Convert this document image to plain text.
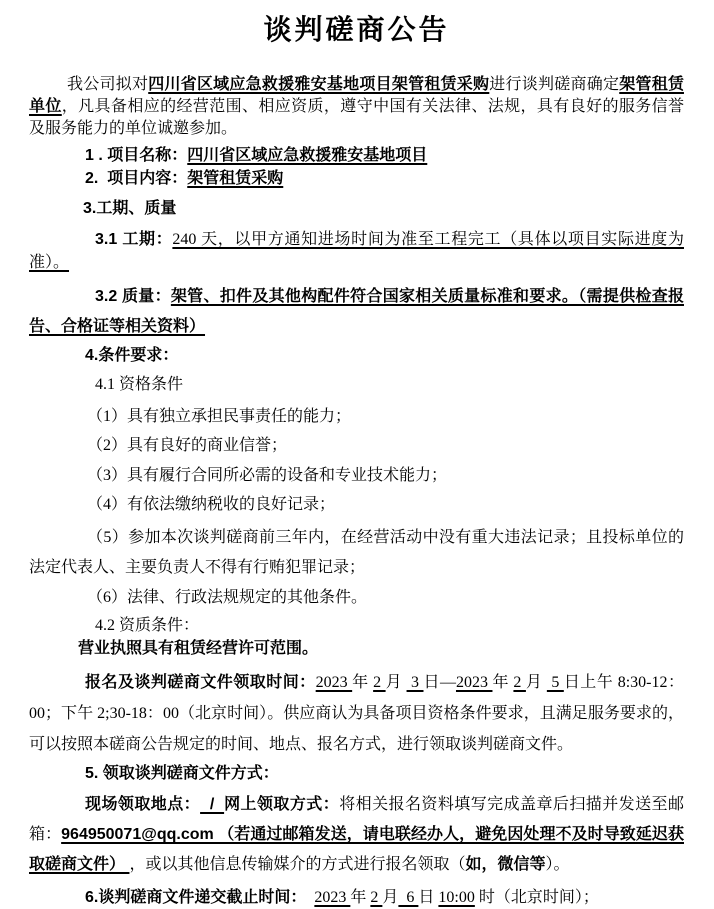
谈判磋商公告

我公司拟对四川省区域应急救援雅安基地项目架管租赁采购进行谈判磋商确定架管租赁单位，凡具备相应的经营范围、相应资质，遵守中国有关法律、法规，具有良好的服务信誉及服务能力的单位诚邀参加。

1 . 项目名称：四川省区域应急救援雅安基地项目

2.  项目内容：架管租赁采购

3.工期、质量

3.1 工期：240 天，以甲方通知进场时间为准至工程完工（具体以项目实际进度为准）。

3.2 质量：架管、扣件及其他构配件符合国家相关质量标准和要求。（需提供检查报告、合格证等相关资料）

4.条件要求：

4.1 资格条件

（1）具有独立承担民事责任的能力；

（2）具有良好的商业信誉；

（3）具有履行合同所必需的设备和专业技术能力；

（4）有依法缴纳税收的良好记录；

（5）参加本次谈判磋商前三年内，在经营活动中没有重大违法记录；且投标单位的法定代表人、主要负责人不得有行贿犯罪记录；

（6）法律、行政法规规定的其他条件。

4.2 资质条件：

营业执照具有租赁经营许可范围。

报名及谈判磋商文件领取时间：2023 年 2 月  3 日—2023 年 2 月  5 日上午 8:30-12：00；下午 2;30-18：00（北京时间）。供应商认为具备项目资格条件要求，且满足服务要求的，可以按照本磋商公告规定的时间、地点、报名方式，进行领取谈判磋商文件。

5. 领取谈判磋商文件方式：

现场领取地点：  /  网上领取方式：将相关报名资料填写完成盖章后扫描并发送至邮箱：964950071@qq.com （若通过邮箱发送，请电联经办人，避免因处理不及时导致延迟获取磋商文件） ，或以其他信息传输媒介的方式进行报名领取（如，微信等）。

6.谈判磋商文件递交截止时间： 2023 年 2 月  6 日 10:00 时（北京时间）；
